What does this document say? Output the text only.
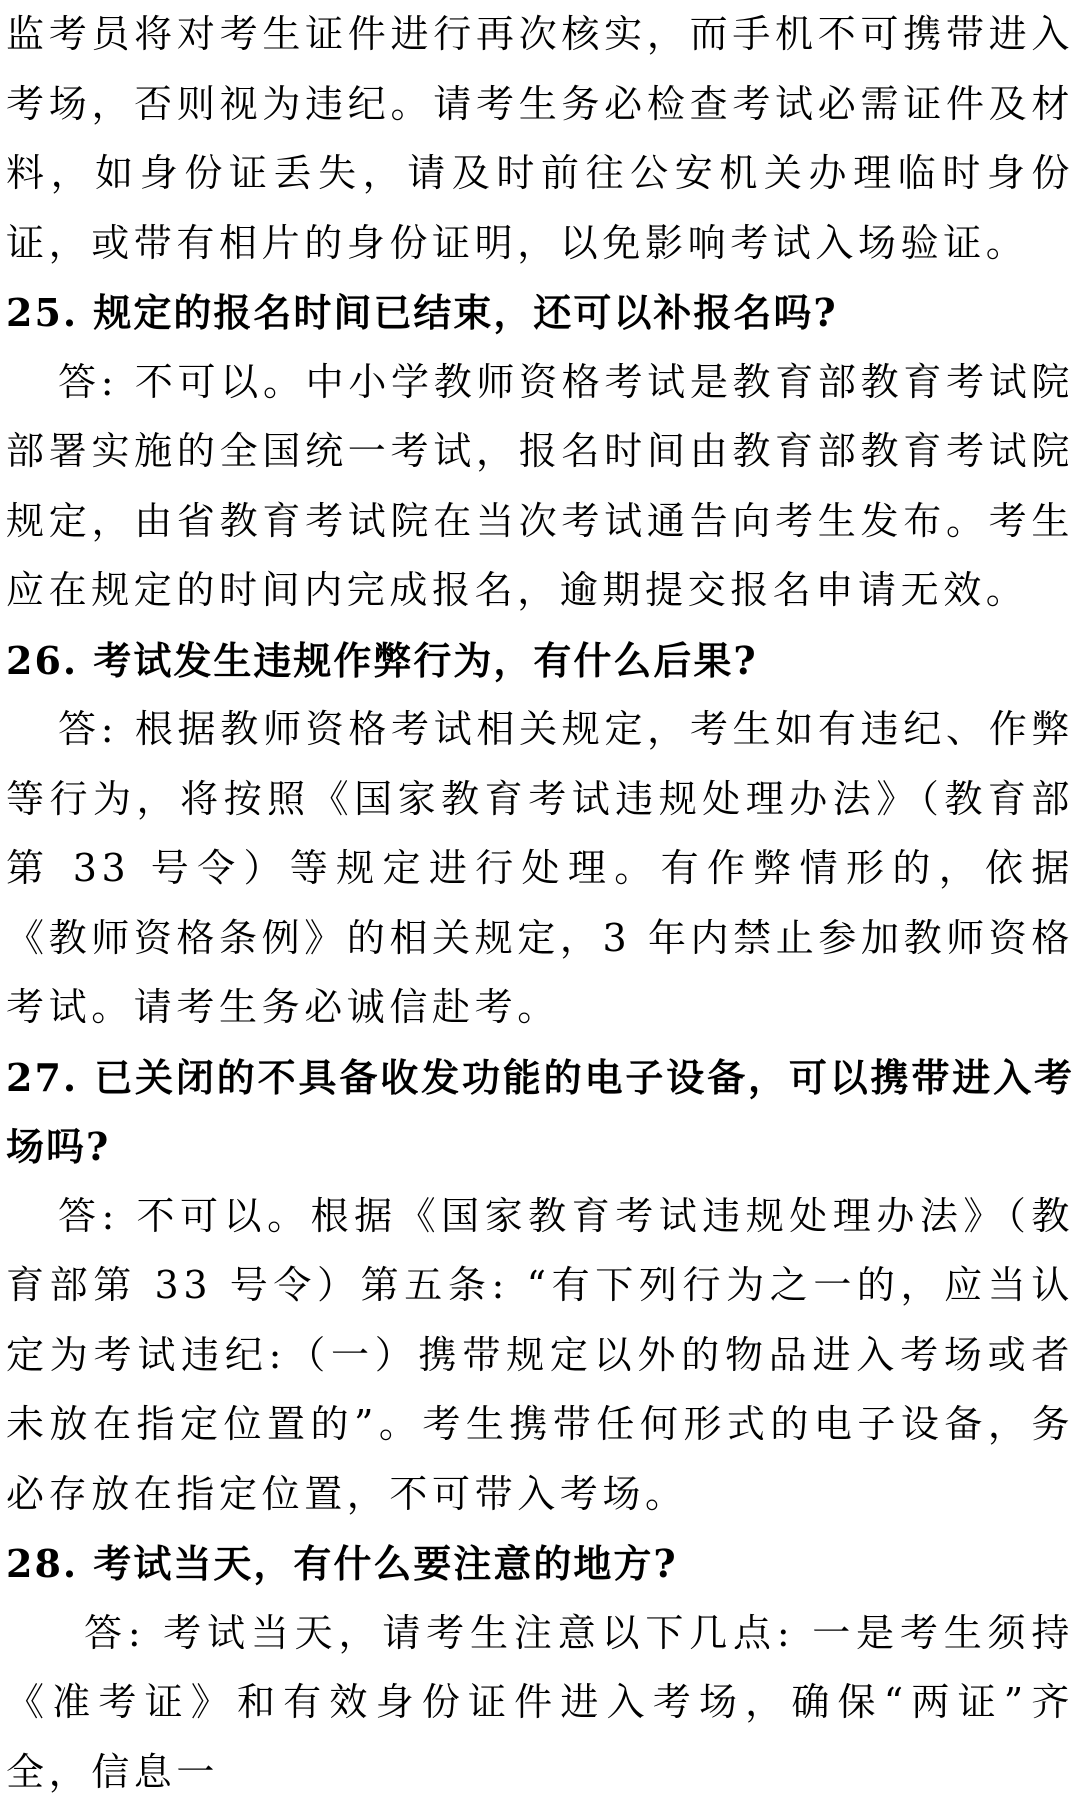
监考员将对考生证件进行再次核实，而手机不可携带进入考场，否则视为违纪。请考生务必检查考试必需证件及材料，如身份证丢失，请及时前往公安机关办理临时身份证，或带有相片的身份证明，以免影响考试入场验证。

25. 规定的报名时间已结束，还可以补报名吗?

答: 不可以。中小学教师资格考试是教育部教育考试院部署实施的全国统一考试，报名时间由教育部教育考试院规定，由省教育考试院在当次考试通告向考生发布。考生应在规定的时间内完成报名，逾期提交报名申请无效。

26. 考试发生违规作弊行为，有什么后果?

答: 根据教师资格考试相关规定，考生如有违纪、作弊等行为，将按照《国家教育考试违规处理办法》（教育部第 33 号令）等规定进行处理。有作弊情形的，依据《教师资格条例》的相关规定，3 年内禁止参加教师资格考试。请考生务必诚信赴考。

27. 已关闭的不具备收发功能的电子设备，可以携带进入考场吗?

答: 不可以。根据《国家教育考试违规处理办法》（教育部第 33 号令）第五条: “有下列行为之一的，应当认定为考试违纪:（一）携带规定以外的物品进入考场或者未放在指定位置的”。考生携带任何形式的电子设备，务必存放在指定位置，不可带入考场。

28. 考试当天，有什么要注意的地方?

答: 考试当天，请考生注意以下几点: 一是考生须持《准考证》和有效身份证件进入考场，确保“两证”齐全，信息一
